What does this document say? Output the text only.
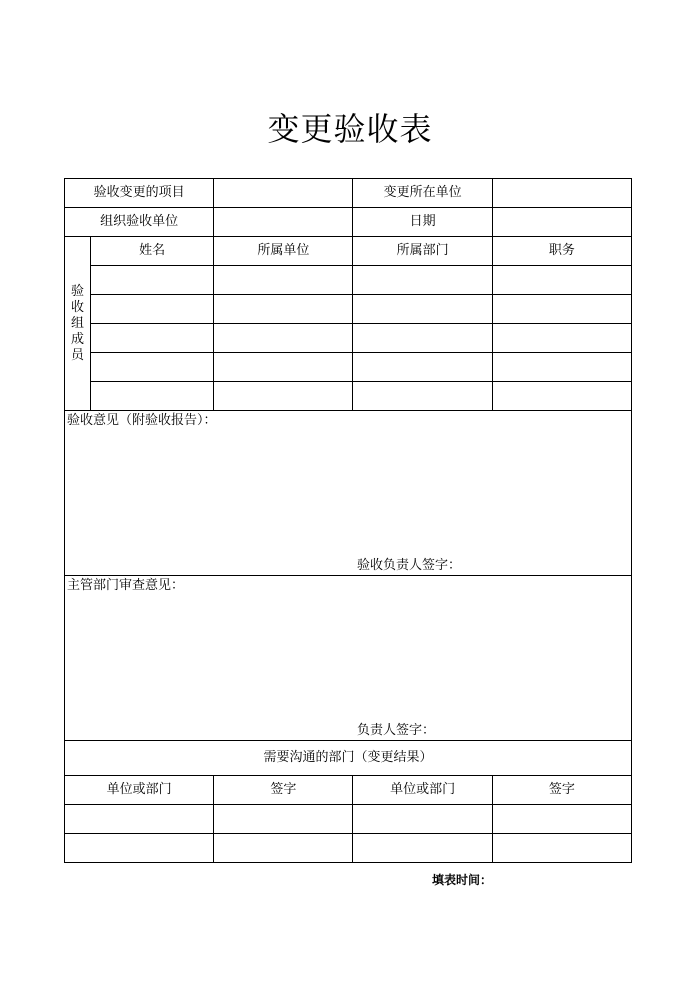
变更验收表
验收变更的项目			变更所在单位	
组织验收单位			日期	

验
收
组
成
员	姓名	所属单位	所属部门	职务

验收意见（附验收报告）：
验收负责人签字：				

主管部门审查意见：
负责人签字：				

需要沟通的部门（变更结果）				
单位或部门		签字	单位或部门	签字

填表时间：
